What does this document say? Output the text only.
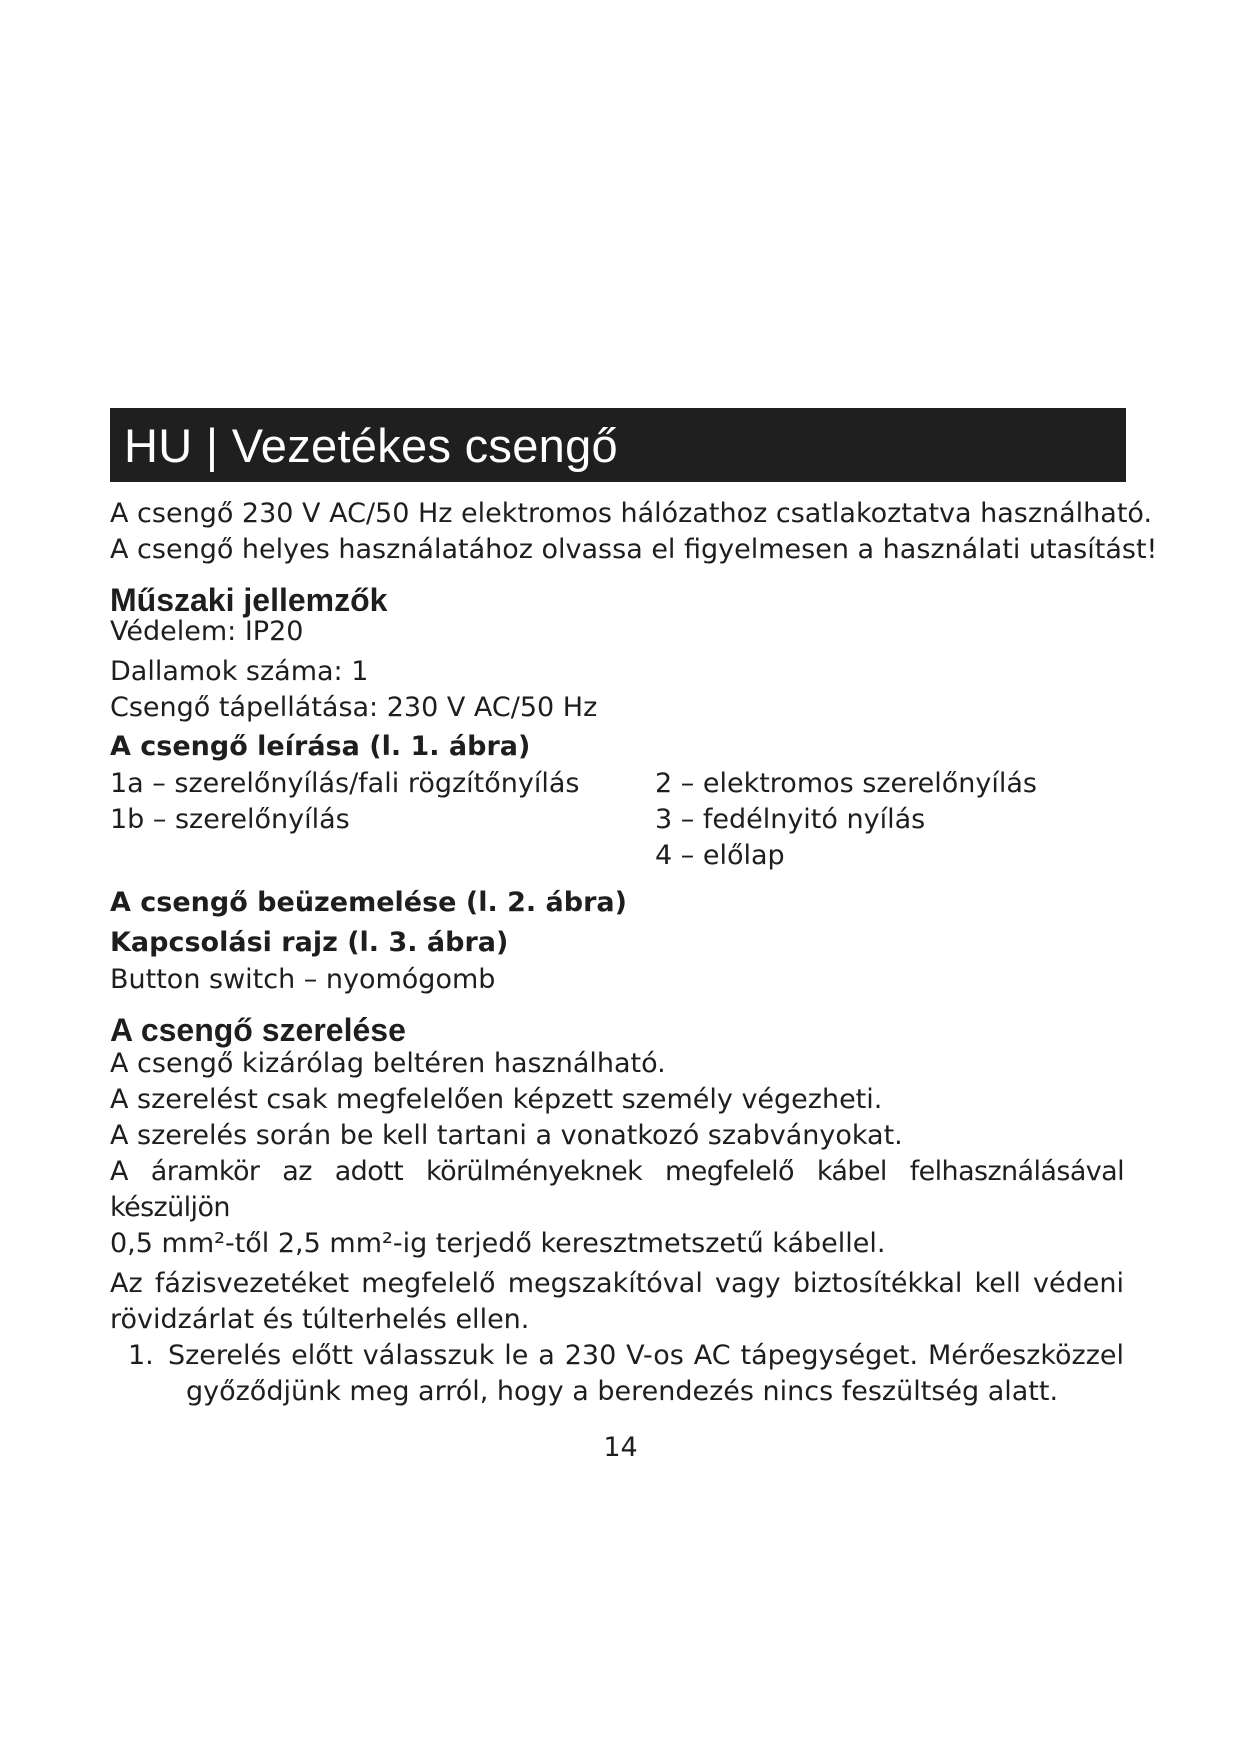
HU | Vezetékes csengő
A csengő 230 V AC/50 Hz elektromos hálózathoz csatlakoztatva használható.
A csengő helyes használatához olvassa el figyelmesen a használati utasítást!
Műszaki jellemzők
Védelem: IP20
Dallamok száma: 1
Csengő tápellátása: 230 V AC/50 Hz
A csengő leírása (l. 1. ábra)
1a – szerelőnyílás/fali rögzítőnyílás
1b – szerelőnyílás
2 – elektromos szerelőnyílás
3 – fedélnyitó nyílás
4 – előlap
A csengő beüzemelése (l. 2. ábra)
Kapcsolási rajz (l. 3. ábra)
Button switch – nyomógomb
A csengő szerelése
A csengő kizárólag beltéren használható.
A szerelést csak megfelelően képzett személy végezheti.
A szerelés során be kell tartani a vonatkozó szabványokat.
A áramkör az adott körülményeknek megfelelő kábel felhasználásával készüljön
0,5 mm²-től 2,5 mm²-ig terjedő keresztmetszetű kábellel.
Az fázisvezetéket megfelelő megszakítóval vagy biztosítékkal kell védeni
rövidzárlat és túlterhelés ellen.
1. Szerelés előtt válasszuk le a 230 V-os AC tápegységet. Mérőeszközzel
győződjünk meg arról, hogy a berendezés nincs feszültség alatt.
14
